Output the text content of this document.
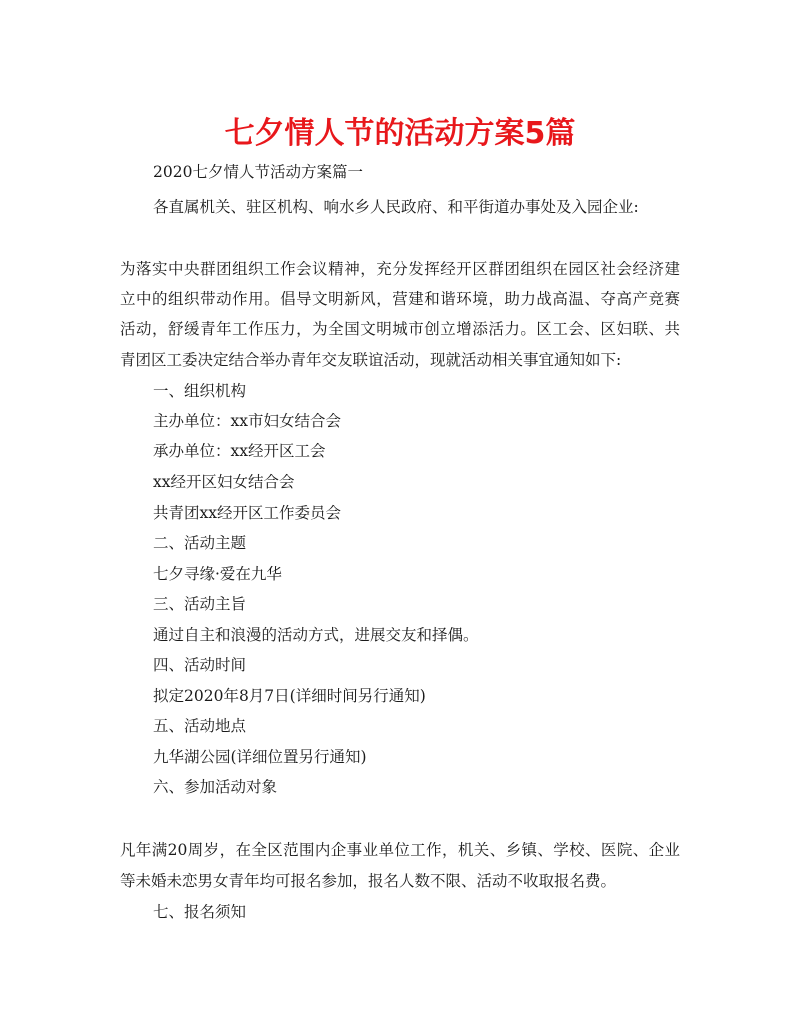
七夕情人节的活动方案5篇
2020七夕情人节活动方案篇一
各直属机关、驻区机构、响水乡人民政府、和平街道办事处及入园企业:
为落实中央群团组织工作会议精神，充分发挥经开区群团组织在园区社会经济建
立中的组织带动作用。倡导文明新风，营建和谐环境，助力战高温、夺高产竞赛
活动，舒缓青年工作压力，为全国文明城市创立增添活力。区工会、区妇联、共
青团区工委决定结合举办青年交友联谊活动，现就活动相关事宜通知如下:
一、组织机构
主办单位：xx市妇女结合会
承办单位：xx经开区工会
xx经开区妇女结合会
共青团xx经开区工作委员会
二、活动主题
七夕寻缘·爱在九华
三、活动主旨
通过自主和浪漫的活动方式，进展交友和择偶。
四、活动时间
拟定2020年8月7日(详细时间另行通知)
五、活动地点
九华湖公园(详细位置另行通知)
六、参加活动对象
凡年满20周岁，在全区范围内企事业单位工作，机关、乡镇、学校、医院、企业
等未婚未恋男女青年均可报名参加，报名人数不限、活动不收取报名费。
七、报名须知
